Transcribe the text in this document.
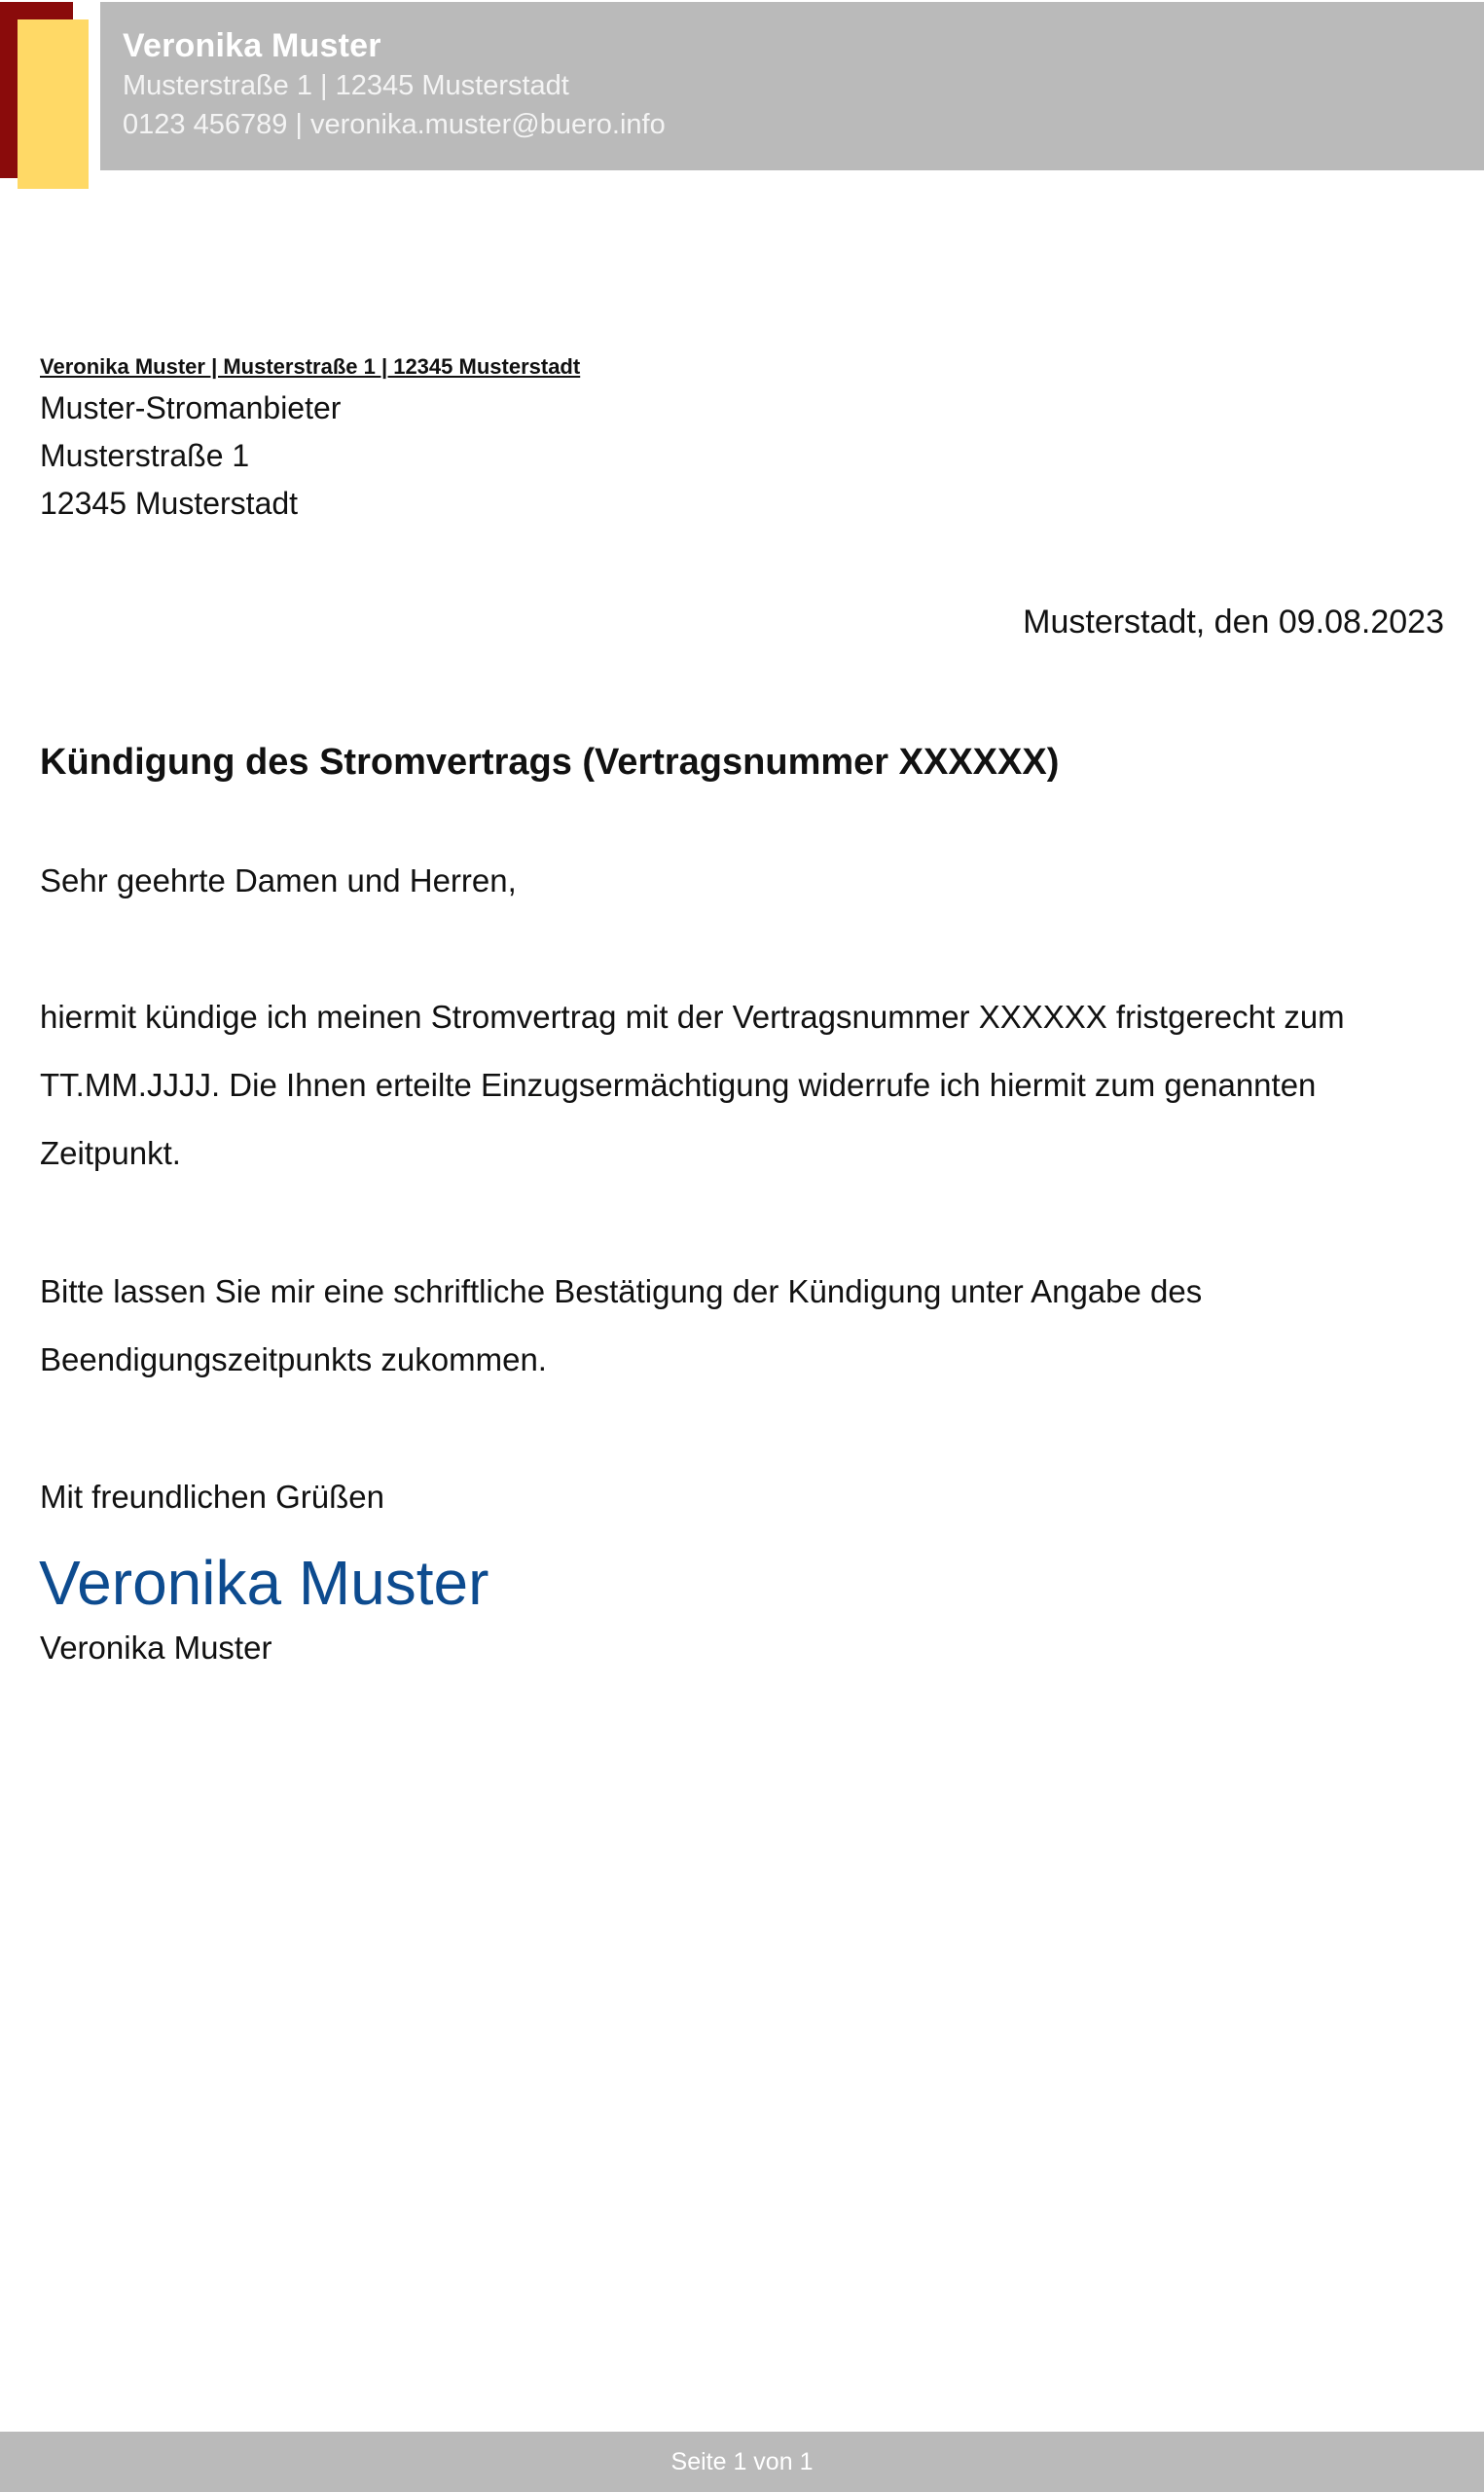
Veronika Muster
Musterstraße 1 | 12345 Musterstadt
0123 456789 | veronika.muster@buero.info
Veronika Muster | Musterstraße 1 | 12345 Musterstadt
Muster-Stromanbieter
Musterstraße 1
12345 Musterstadt
Musterstadt, den 09.08.2023
Kündigung des Stromvertrags (Vertragsnummer XXXXXX)
Sehr geehrte Damen und Herren,
hiermit kündige ich meinen Stromvertrag mit der Vertragsnummer XXXXXX fristgerecht zum TT.MM.JJJJ. Die Ihnen erteilte Einzugsermächtigung widerrufe ich hiermit zum genannten Zeitpunkt.
Bitte lassen Sie mir eine schriftliche Bestätigung der Kündigung unter Angabe des Beendigungszeitpunkts zukommen.
Mit freundlichen Grüßen
Veronika Muster
Veronika Muster
Seite 1 von 1
